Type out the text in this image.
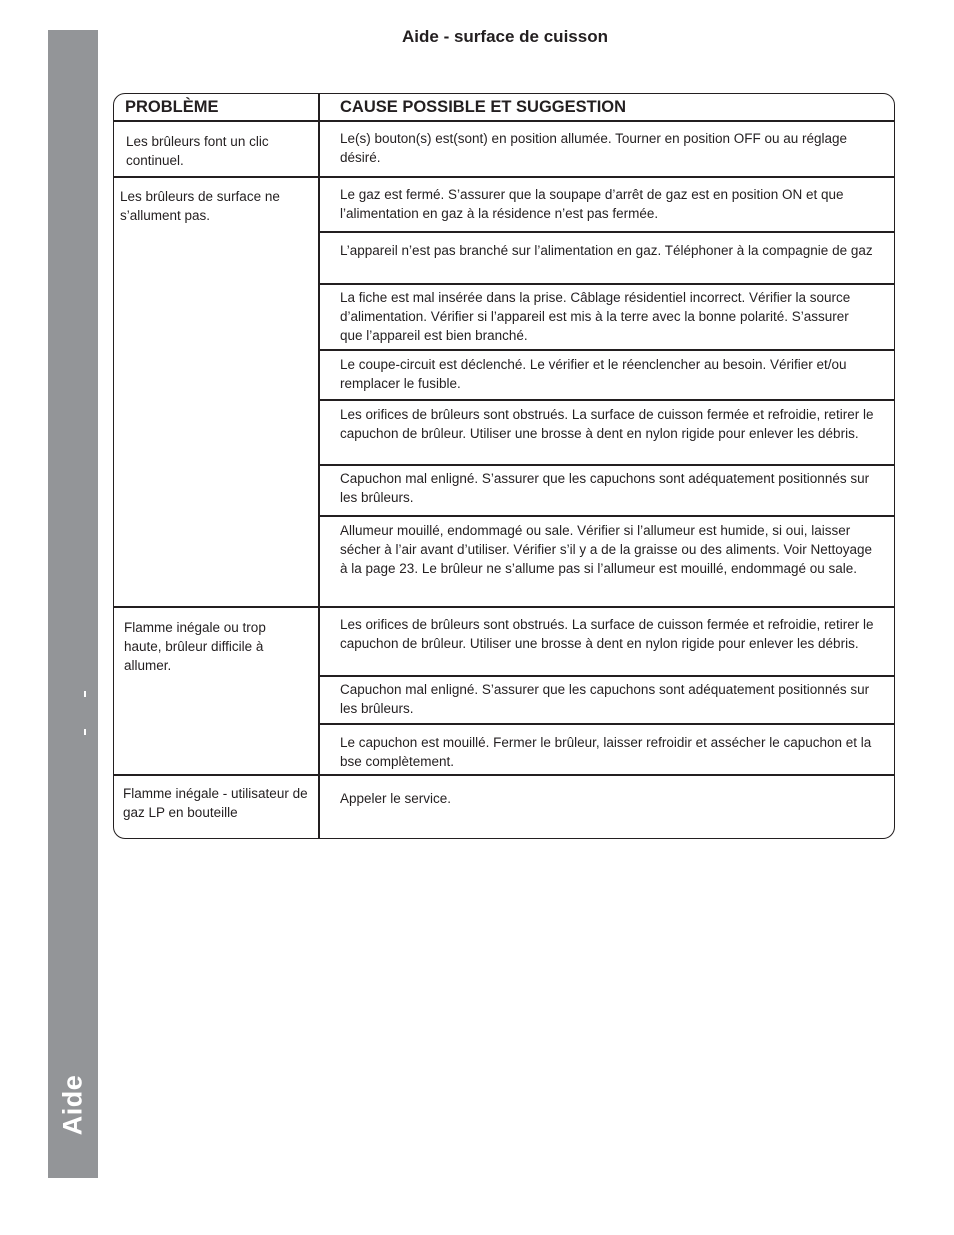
Aide
Aide - surface de cuisson
PROBLÈME	CAUSE POSSIBLE ET SUGGESTION
Les brûleurs font un clic continuel.
Le(s) bouton(s) est(sont) en position allumée. Tourner en position OFF ou au réglage désiré.
Les brûleurs de surface ne s’allument pas.
Le gaz est fermé. S’assurer que la soupape d’arrêt de gaz est en position ON et que l’alimentation en gaz à la résidence n’est pas fermée.
L’appareil n’est pas branché sur l’alimentation en gaz. Téléphoner à la compagnie de gaz
La fiche est mal insérée dans la prise. Câblage résidentiel incorrect. Vérifier la source d’alimentation. Vérifier si l’appareil est mis à la terre avec la bonne polarité. S’assurer que l’appareil est bien branché.
Le coupe-circuit est déclenché. Le vérifier et le réenclencher au besoin. Vérifier et/ou remplacer le fusible.
Les orifices de brûleurs sont obstrués. La surface de cuisson fermée et refroidie, retirer le capuchon de brûleur. Utiliser une brosse à dent en nylon rigide pour enlever les débris.
Capuchon mal enligné. S’assurer que les capuchons sont adéquatement positionnés sur les brûleurs.
Allumeur mouillé, endommagé ou sale. Vérifier si l’allumeur est humide, si oui, laisser sécher à l’air avant d’utiliser. Vérifier s’il y a de la graisse ou des aliments. Voir Nettoyage à la page 23. Le brûleur ne s’allume pas si l’allumeur est mouillé, endommagé ou sale.
Flamme inégale ou trop haute, brûleur difficile à allumer.
Les orifices de brûleurs sont obstrués. La surface de cuisson fermée et refroidie, retirer le capuchon de brûleur. Utiliser une brosse à dent en nylon rigide pour enlever les débris.
Capuchon mal enligné. S’assurer que les capuchons sont adéquatement positionnés sur les brûleurs.
Le capuchon est mouillé. Fermer le brûleur, laisser refroidir et assécher le capuchon et la bse complètement.
Flamme inégale - utilisateur de gaz LP en bouteille
Appeler le service.
